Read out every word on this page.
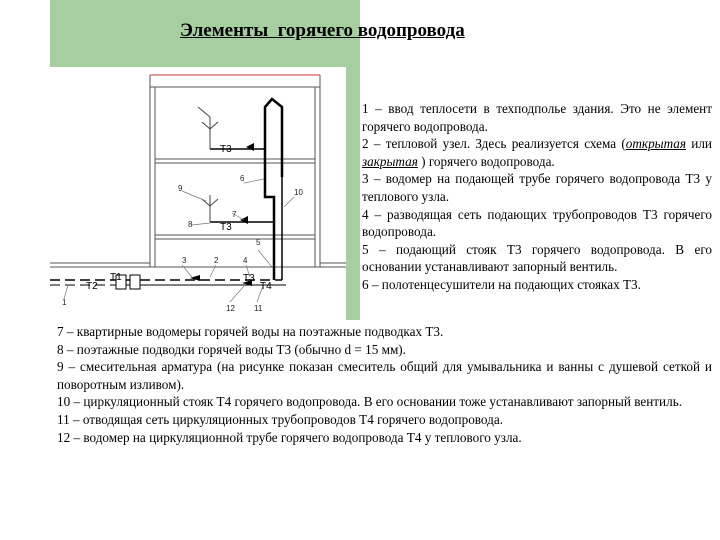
Элементы  горячего водопровода
T1
T2
T3
T3
T3
T4
1
5
3	2	4
6
7
9
8
10
12 11

1 – ввод теплосети в техподполье здания. Это не элемент горячего водопровода.

2 – тепловой узел. Здесь реализуется схема (открытая или закрытая ) горячего водопровода.

3 – водомер на подающей трубе горячего водопровода Т3 у теплового узла.

4 – разводящая сеть подающих трубопроводов Т3 горячего водопровода.

5 – подающий стояк Т3 горячего водопровода. В его основании устанавливают запорный вентиль.

6 – полотенцесушители на подающих стояках Т3.

7 – квартирные водомеры горячей воды на поэтажные подводках Т3.

8 – поэтажные подводки горячей воды Т3 (обычно d = 15 мм).

9 – смесительная арматура (на рисунке показан смеситель общий для умывальника и ванны с душевой сеткой и поворотным изливом).

10 – циркуляционный стояк Т4 горячего водопровода. В его основании тоже устанавливают запорный вентиль.

11 – отводящая сеть циркуляционных трубопроводов Т4 горячего водопровода.

12 – водомер на циркуляционной трубе горячего водопровода Т4 у теплового узла.
